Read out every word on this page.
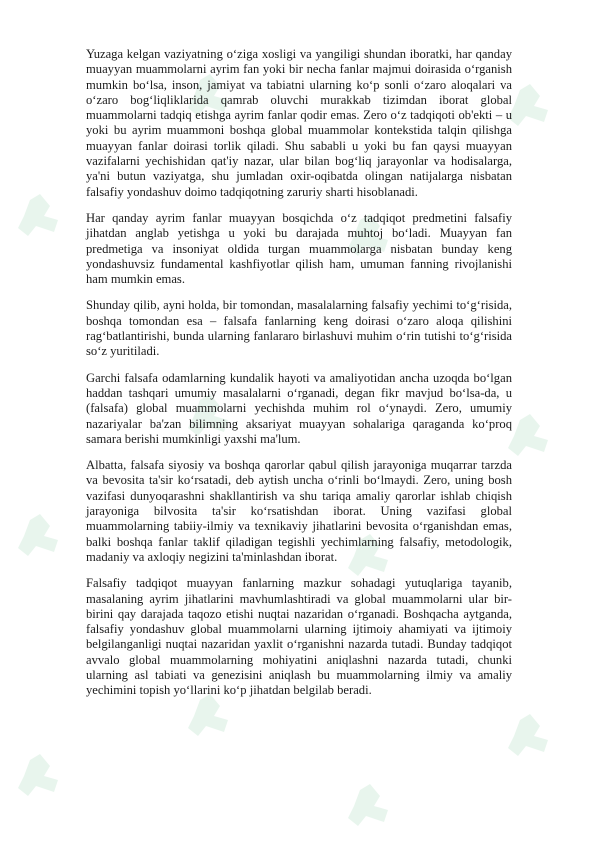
Yuzaga kelgan vaziyatning o‘ziga xosligi va yangiligi shundan iboratki, har qanday muayyan muammolarni ayrim fan yoki bir necha fanlar majmui doirasida o‘rganish mumkin bo‘lsa, inson, jamiyat va tabiatni ularning ko‘p sonli o‘zaro aloqalari va o‘zaro bog‘liqliklarida qamrab oluvchi murakkab tizimdan iborat global muammolarni tadqiq etishga ayrim fanlar qodir emas. Zero o‘z tadqiqoti ob'ekti – u yoki bu ayrim muammoni boshqa global muammolar kontekstida talqin qilishga muayyan fanlar doirasi torlik qiladi. Shu sababli u yoki bu fan qaysi muayyan vazifalarni yechishidan qat'iy nazar, ular bilan bog‘liq jarayonlar va hodisalarga, ya'ni butun vaziyatga, shu jumladan oxir-oqibatda olingan natijalarga nisbatan falsafiy yondashuv doimo tadqiqotning zaruriy sharti hisoblanadi.

Har qanday ayrim fanlar muayyan bosqichda o‘z tadqiqot predmetini falsafiy jihatdan anglab yetishga u yoki bu darajada muhtoj bo‘ladi. Muayyan fan predmetiga va insoniyat oldida turgan muammolarga nisbatan bunday keng yondashuvsiz fundamental kashfiyotlar qilish ham, umuman fanning rivojlanishi ham mumkin emas.

Shunday qilib, ayni holda, bir tomondan, masalalarning falsafiy yechimi to‘g‘risida, boshqa tomondan esa – falsafa fanlarning keng doirasi o‘zaro aloqa qilishini rag‘batlantirishi, bunda ularning fanlararo birlashuvi muhim o‘rin tutishi to‘g‘risida so‘z yuritiladi.

Garchi falsafa odamlarning kundalik hayoti va amaliyotidan ancha uzoqda bo‘lgan haddan tashqari umumiy masalalarni o‘rganadi, degan fikr mavjud bo‘lsa-da, u (falsafa) global muammolarni yechishda muhim rol o‘ynaydi. Zero, umumiy nazariyalar ba'zan bilimning aksariyat muayyan sohalariga qaraganda ko‘proq samara berishi mumkinligi yaxshi ma'lum.

Albatta, falsafa siyosiy va boshqa qarorlar qabul qilish jarayoniga muqarrar tarzda va bevosita ta'sir ko‘rsatadi, deb aytish uncha o‘rinli bo‘lmaydi. Zero, uning bosh vazifasi dunyoqarashni shakllantirish va shu tariqa amaliy qarorlar ishlab chiqish jarayoniga bilvosita ta'sir ko‘rsatishdan iborat. Uning vazifasi global muammolarning tabiiy-ilmiy va texnikaviy jihatlarini bevosita o‘rganishdan emas, balki boshqa fanlar taklif qiladigan tegishli yechimlarning falsafiy, metodologik, madaniy va axloqiy negizini ta'minlashdan iborat.

Falsafiy tadqiqot muayyan fanlarning mazkur sohadagi yutuqlariga tayanib, masalaning ayrim jihatlarini mavhumlashtiradi va global muammolarni ular bir-birini qay darajada taqozo etishi nuqtai nazaridan o‘rganadi. Boshqacha aytganda, falsafiy yondashuv global muammolarni ularning ijtimoiy ahamiyati va ijtimoiy belgilanganligi nuqtai nazaridan yaxlit o‘rganishni nazarda tutadi. Bunday tadqiqot avvalo global muammolarning mohiyatini aniqlashni nazarda tutadi, chunki ularning asl tabiati va genezisini aniqlash bu muammolarning ilmiy va amaliy yechimini topish yo‘llarini ko‘p jihatdan belgilab beradi.
